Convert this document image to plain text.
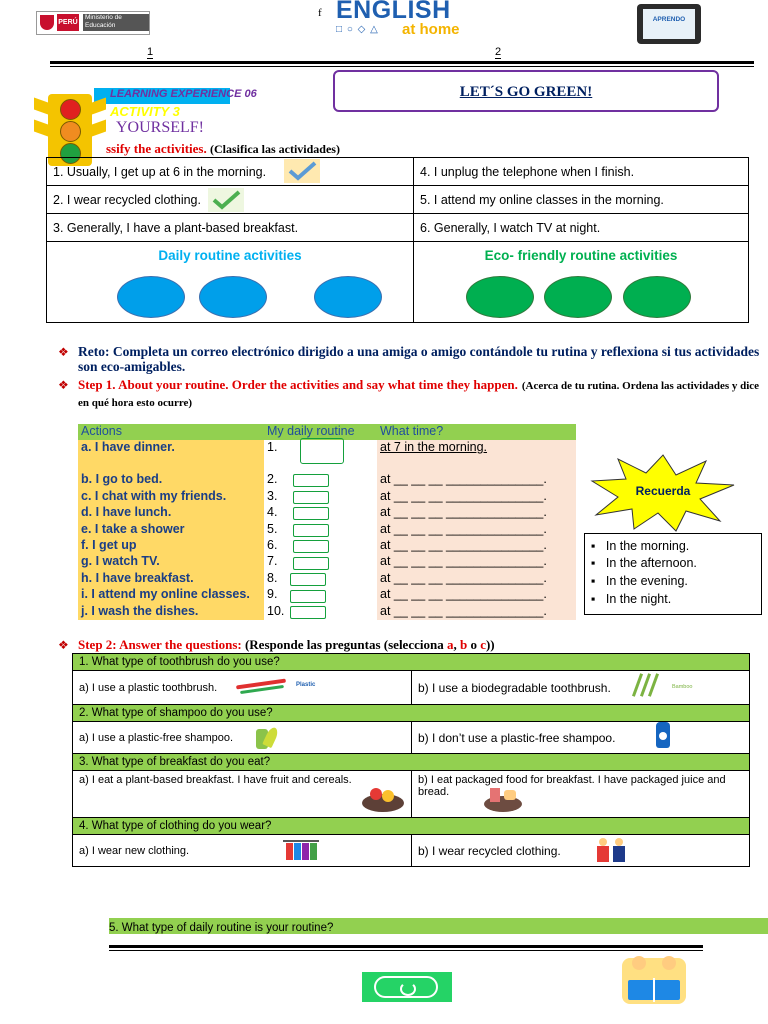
PERÚ
Ministerio de Educación
f ENGLISH
□ ○ ◇ △ at home
APRENDO
1	2
LEARNING EXPERIENCE 06
ACTIVITY 3
YOURSELF!
LET´S GO GREEN!
ssify the activities. (Clasifica las actividades)
1. Usually, I get up at 6 in the morning.	4. I unplug the telephone when I finish.
2. I wear recycled clothing.	5. I attend my online classes in the morning.
3. Generally, I have a plant-based breakfast.	6. Generally, I watch TV at night.

Daily routine activities	Eco- friendly routine activities
❖ Reto: Completa un correo electrónico dirigido a una amiga o amigo contándole tu rutina y reflexiona si tus actividades son eco-amigables.
❖ Step 1. About your routine. Order the activities and say what time they happen. (Acerca de tu rutina. Ordena las actividades y dice en qué hora esto ocurre)
Actions	My daily routine	What time?
a. I have dinner.	1.	at 7 in the morning.
b. I go to bed.	2.	at __ __ __ ______________.
c. I chat with my friends.	3.	at __ __ __ ______________.
d. I have lunch.	4.	at __ __ __ ______________.
e. I take a shower	5.	at __ __ __ ______________.
f. I get up	6.	at __ __ __ ______________.
g. I watch TV.	7.	at __ __ __ ______________.
h. I have breakfast.	8.	at __ __ __ ______________.
i. I attend my online classes.	9.	at __ __ __ ______________.
j. I wash the dishes.	10.	at __ __ __ ______________.
Recuerda
▪   In the morning.
▪   In the afternoon.
▪   In the evening.
▪   In the night.
❖ Step 2: Answer the questions: (Responde las preguntas (selecciona a, b o c))
1. What type of toothbrush do you use?	
a) I use a plastic toothbrush.	b) I use a biodegradable toothbrush.
2. What type of shampoo do you use?	
a) I use a plastic-free shampoo.	b) I don’t use a plastic-free shampoo.
3. What type of breakfast do you eat?	
a) I eat a plant-based breakfast. I have fruit and cereals.	b) I eat packaged food for breakfast. I have packaged juice and bread.
4. What type of clothing do you wear?	
a) I wear new clothing.	b) I wear recycled clothing.
Plastic	Bamboo
5. What type of daily routine is your routine?
